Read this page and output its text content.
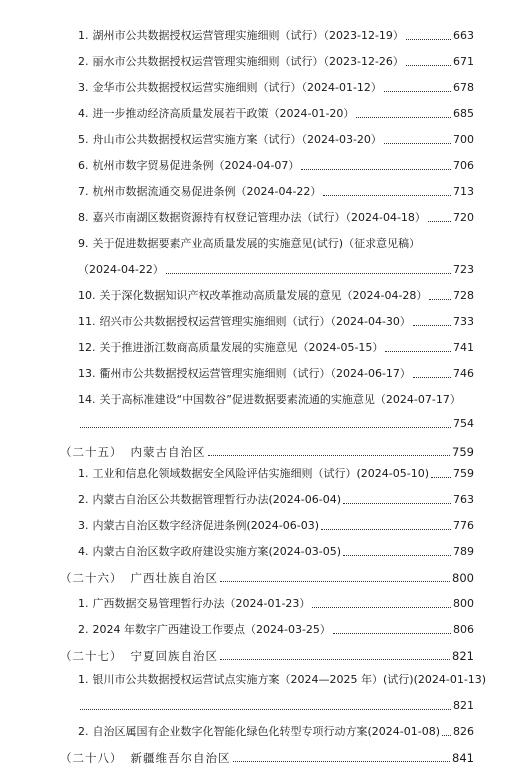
1. 湖州市公共数据授权运营管理实施细则（试行）（2023-12-19）	663
2. 丽水市公共数据授权运营管理实施细则（试行）（2023-12-26）	671
3. 金华市公共数据授权运营实施细则（试行）（2024-01-12）	678
4. 进一步推动经济高质量发展若干政策（2024-01-20）	685
5. 舟山市公共数据授权运营实施方案（试行）（2024-03-20）	700
6. 杭州市数字贸易促进条例（2024-04-07）	706
7. 杭州市数据流通交易促进条例（2024-04-22）	713
8. 嘉兴市南湖区数据资源持有权登记管理办法（试行）（2024-04-18） 720
9. 关于促进数据要素产业高质量发展的实施意见(试行)（征求意见稿）
（2024-04-22）	723
10. 关于深化数据知识产权改革推动高质量发展的意见（2024-04-28） 728
11. 绍兴市公共数据授权运营管理实施细则（试行）（2024-04-30）	733
12. 关于推进浙江数商高质量发展的实施意见（2024-05-15）	741
13. 衢州市公共数据授权运营管理实施细则（试行）（2024-06-17）	746
14. 关于高标准建设“中国数谷”促进数据要素流通的实施意见（2024-07-17）
754
（二十五） 内蒙古自治区	759
1. 工业和信息化领域数据安全风险评估实施细则（试行）(2024-05-10) 759
2. 内蒙古自治区公共数据管理暂行办法(2024-06-04)	763
3. 内蒙古自治区数字经济促进条例(2024-06-03)	776
4. 内蒙古自治区数字政府建设实施方案(2024-03-05)	789
（二十六） 广西壮族自治区	800
1. 广西数据交易管理暂行办法（2024-01-23）	800
2. 2024 年数字广西建设工作要点（2024-03-25）	806
（二十七） 宁夏回族自治区	821
1. 银川市公共数据授权运营试点实施方案（2024—2025 年）(试行)(2024-01-13)
821
2. 自治区属国有企业数字化智能化绿色化转型专项行动方案(2024-01-08) 826
（二十八） 新疆维吾尔自治区	841
